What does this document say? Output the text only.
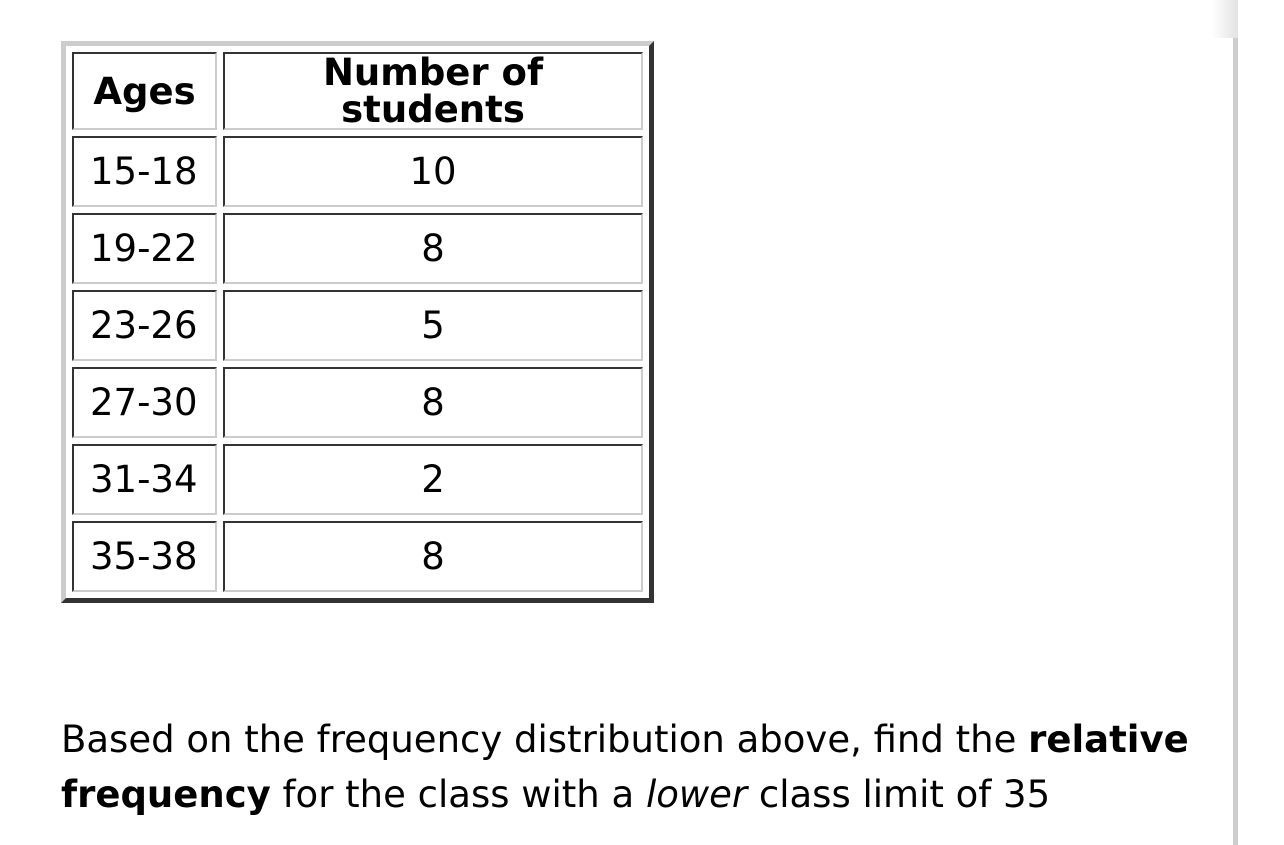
Ages	Number of students
15-18	10
19-22	8
23-26	5
27-30	8
31-34	2
35-38	8

Based on the frequency distribution above, find the relative frequency for the class with a lower class limit of 35
